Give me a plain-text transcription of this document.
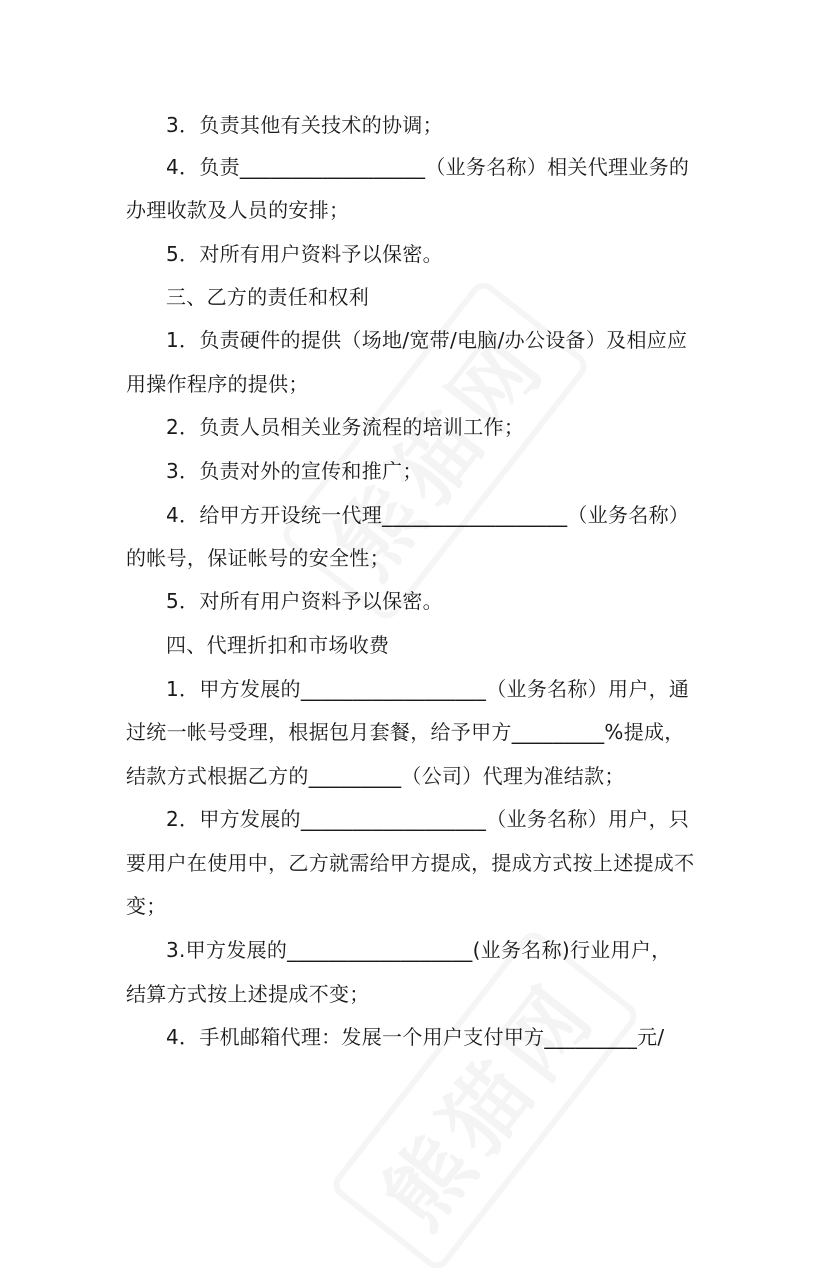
3．负责其他有关技术的协调；
4．负责__________________（业务名称）相关代理业务的
办理收款及人员的安排；
5．对所有用户资料予以保密。
三、乙方的责任和权利
1．负责硬件的提供（场地/宽带/电脑/办公设备）及相应应
用操作程序的提供；
2．负责人员相关业务流程的培训工作；
3．负责对外的宣传和推广；
4．给甲方开设统一代理__________________（业务名称）
的帐号，保证帐号的安全性；
5．对所有用户资料予以保密。
四、代理折扣和市场收费
1．甲方发展的__________________（业务名称）用户，通
过统一帐号受理，根据包月套餐，给予甲方_________%提成，
结款方式根据乙方的_________（公司）代理为准结款；
2．甲方发展的__________________（业务名称）用户，只
要用户在使用中，乙方就需给甲方提成，提成方式按上述提成不
变；
3.甲方发展的__________________(业务名称)行业用户，
结算方式按上述提成不变；
4．手机邮箱代理：发展一个用户支付甲方_________元/
